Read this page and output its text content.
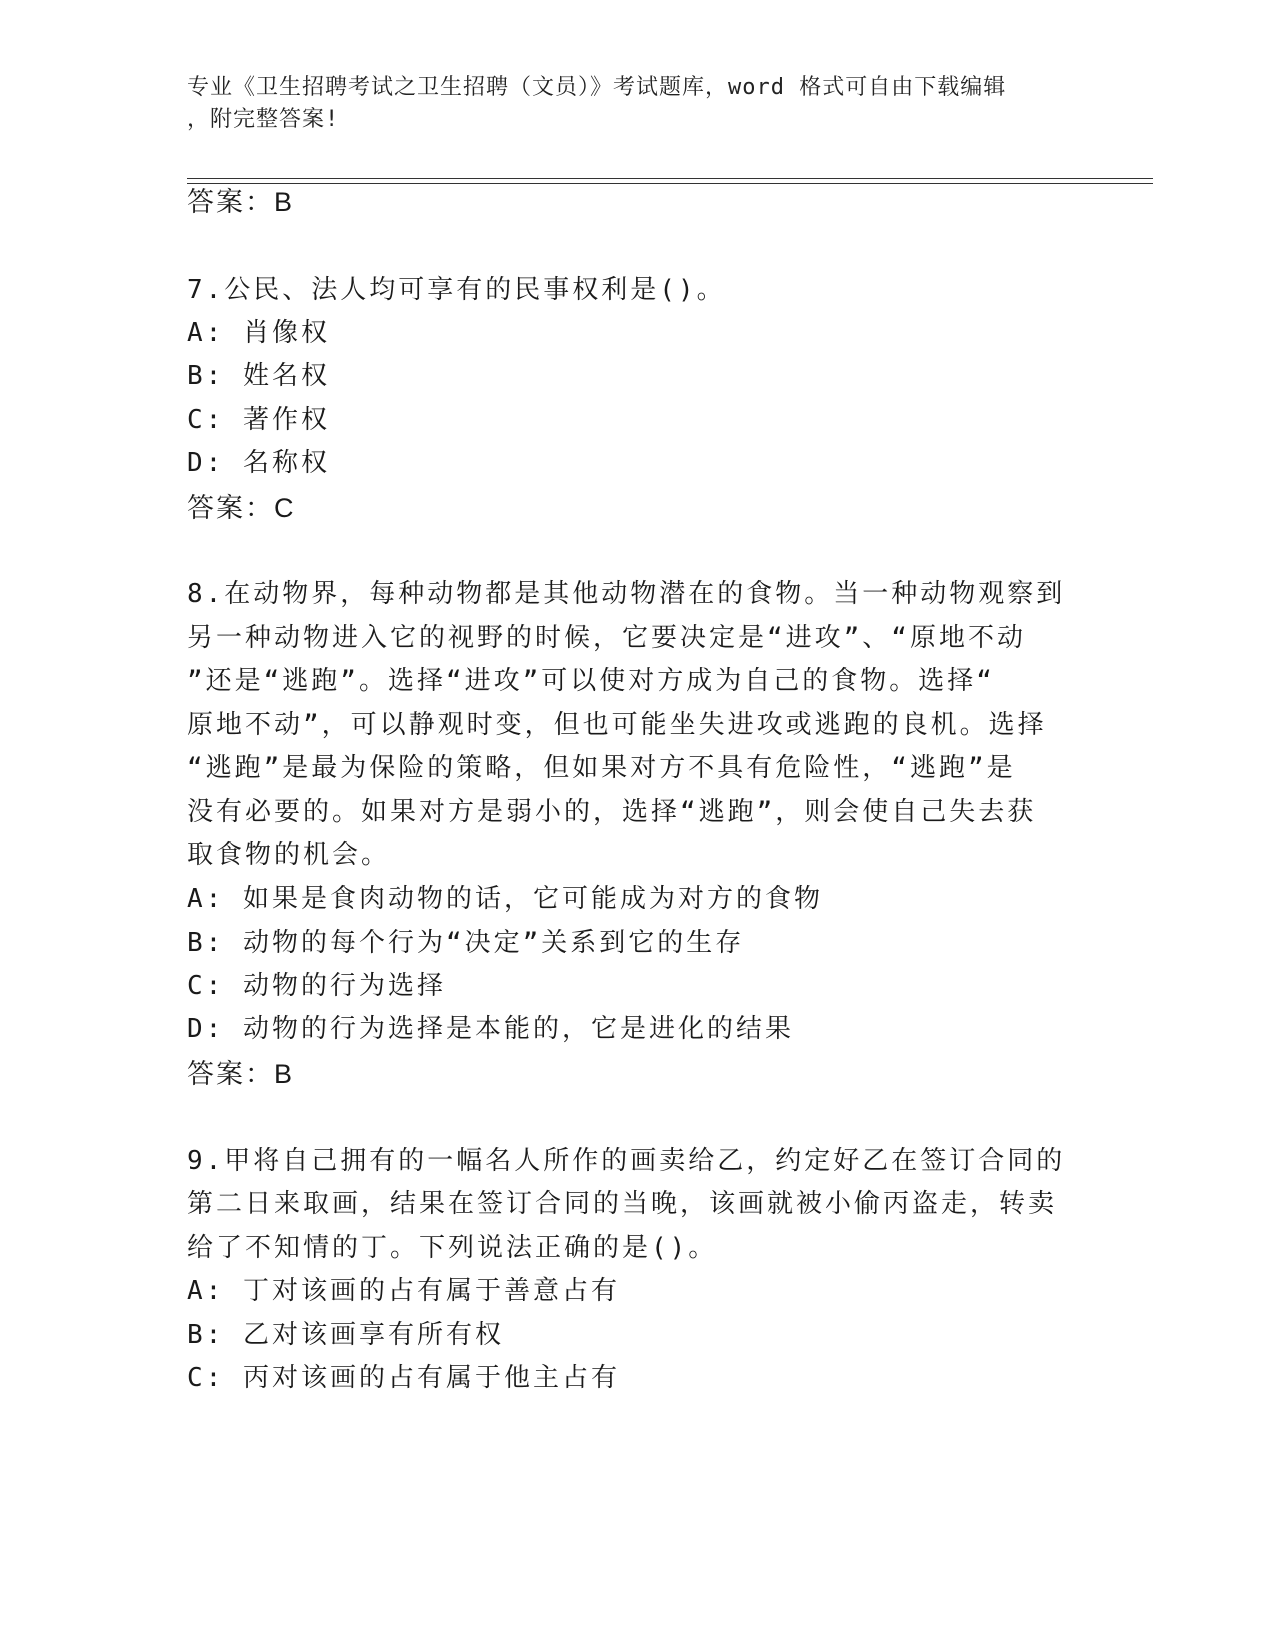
专业《卫生招聘考试之卫生招聘（文员）》考试题库，word 格式可自由下载编辑
，附完整答案!
答案：B
7.公民、法人均可享有的民事权利是()。
A: 肖像权
B: 姓名权
C: 著作权
D: 名称权
答案：C
8.在动物界，每种动物都是其他动物潜在的食物。当一种动物观察到
另一种动物进入它的视野的时候，它要决定是“进攻”、“原地不动
”还是“逃跑”。选择“进攻”可以使对方成为自己的食物。选择“
原地不动”，可以静观时变，但也可能坐失进攻或逃跑的良机。选择
“逃跑”是最为保险的策略，但如果对方不具有危险性，“逃跑”是
没有必要的。如果对方是弱小的，选择“逃跑”，则会使自己失去获
取食物的机会。
A: 如果是食肉动物的话，它可能成为对方的食物
B: 动物的每个行为“决定”关系到它的生存
C: 动物的行为选择
D: 动物的行为选择是本能的，它是进化的结果
答案：B
9.甲将自己拥有的一幅名人所作的画卖给乙，约定好乙在签订合同的
第二日来取画，结果在签订合同的当晚，该画就被小偷丙盗走，转卖
给了不知情的丁。下列说法正确的是()。
A: 丁对该画的占有属于善意占有
B: 乙对该画享有所有权
C: 丙对该画的占有属于他主占有
